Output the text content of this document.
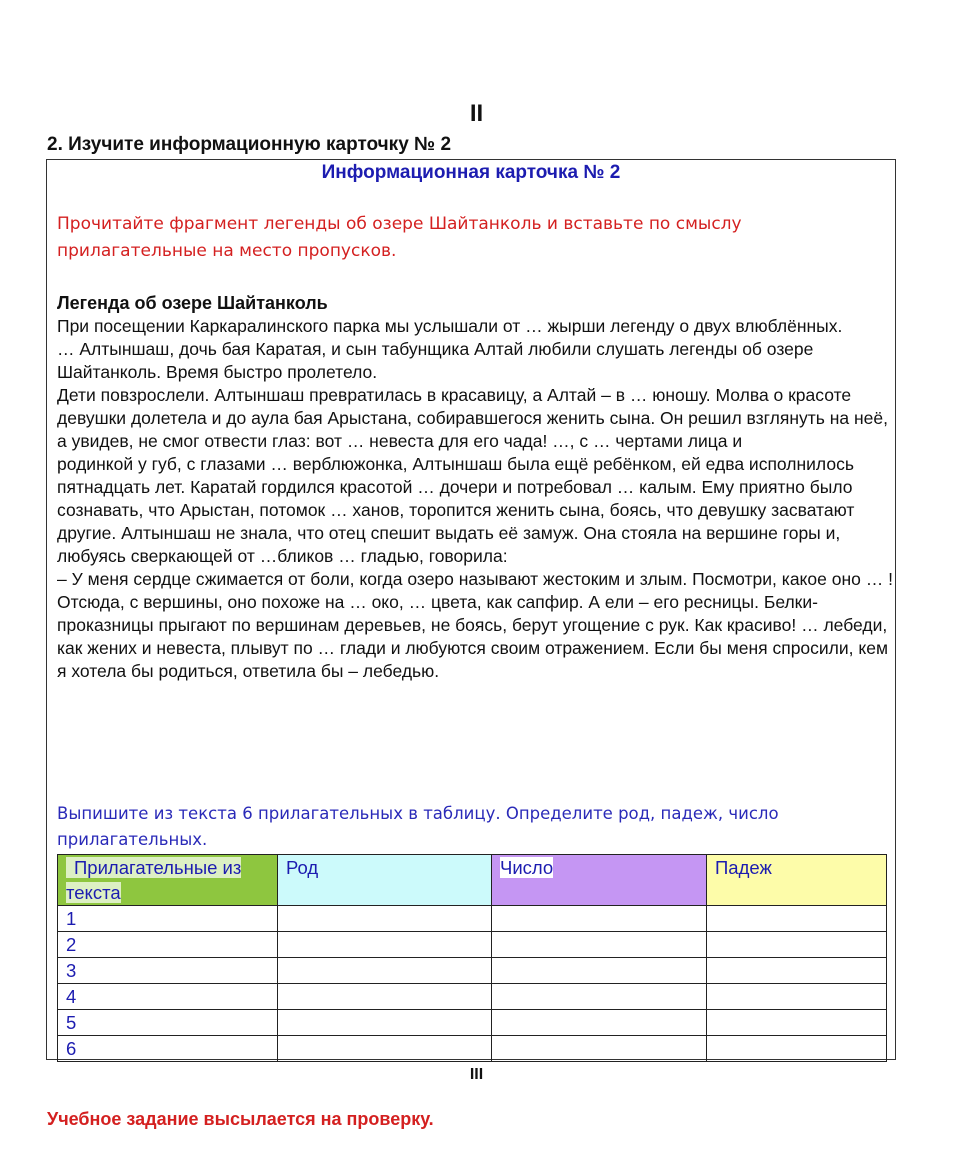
II
2. Изучите информационную карточку № 2
Информационная карточка № 2
Прочитайте фрагмент легенды об озере Шайтанколь и вставьте по смыслу прилагательные на место пропусков.
Легенда об озере Шайтанколь

При посещении Каркаралинского парка мы услышали от … жырши легенду о двух влюблённых.

… Алтыншаш, дочь бая Каратая, и сын табунщика Алтай любили слушать легенды об озере Шайтанколь. Время быстро пролетело.

Дети повзрослели. Алтыншаш превратилась в красавицу, а Алтай – в … юношу. Молва о красоте девушки долетела и до аула бая Арыстана, собиравшегося женить сына. Он решил взглянуть на неё, а увидев, не смог отвести глаз: вот … невеста для его чада! …, с … чертами лица и

родинкой у губ, с глазами … верблюжонка, Алтыншаш была ещё ребёнком, ей едва исполнилось пятнадцать лет. Каратай гордился красотой … дочери и потребовал … калым. Ему приятно было сознавать, что Арыстан, потомок … ханов, торопится женить сына, боясь, что девушку засватают другие. Алтыншаш не знала, что отец спешит выдать её замуж. Она стояла на вершине горы и, любуясь сверкающей от …бликов … гладью, говорила:

– У меня сердце сжимается от боли, когда озеро называют жестоким и злым. Посмотри, какое оно … ! Отсюда, с вершины, оно похоже на … око, … цвета, как сапфир. А ели – его ресницы. Белки-проказницы прыгают по вершинам деревьев, не боясь, берут угощение с рук. Как красиво! … лебеди, как жених и невеста, плывут по … глади и любуются своим отражением. Если бы меня спросили, кем я хотела бы родиться, ответила бы – лебедью.

Выпишите из текста 6 прилагательных в таблицу. Определите род, падеж, число прилагательных.
Прилагательные из текста	Род	Число	Падеж
1			
2			
3			
4			
5			
6			
III
Учебное задание высылается на проверку.
